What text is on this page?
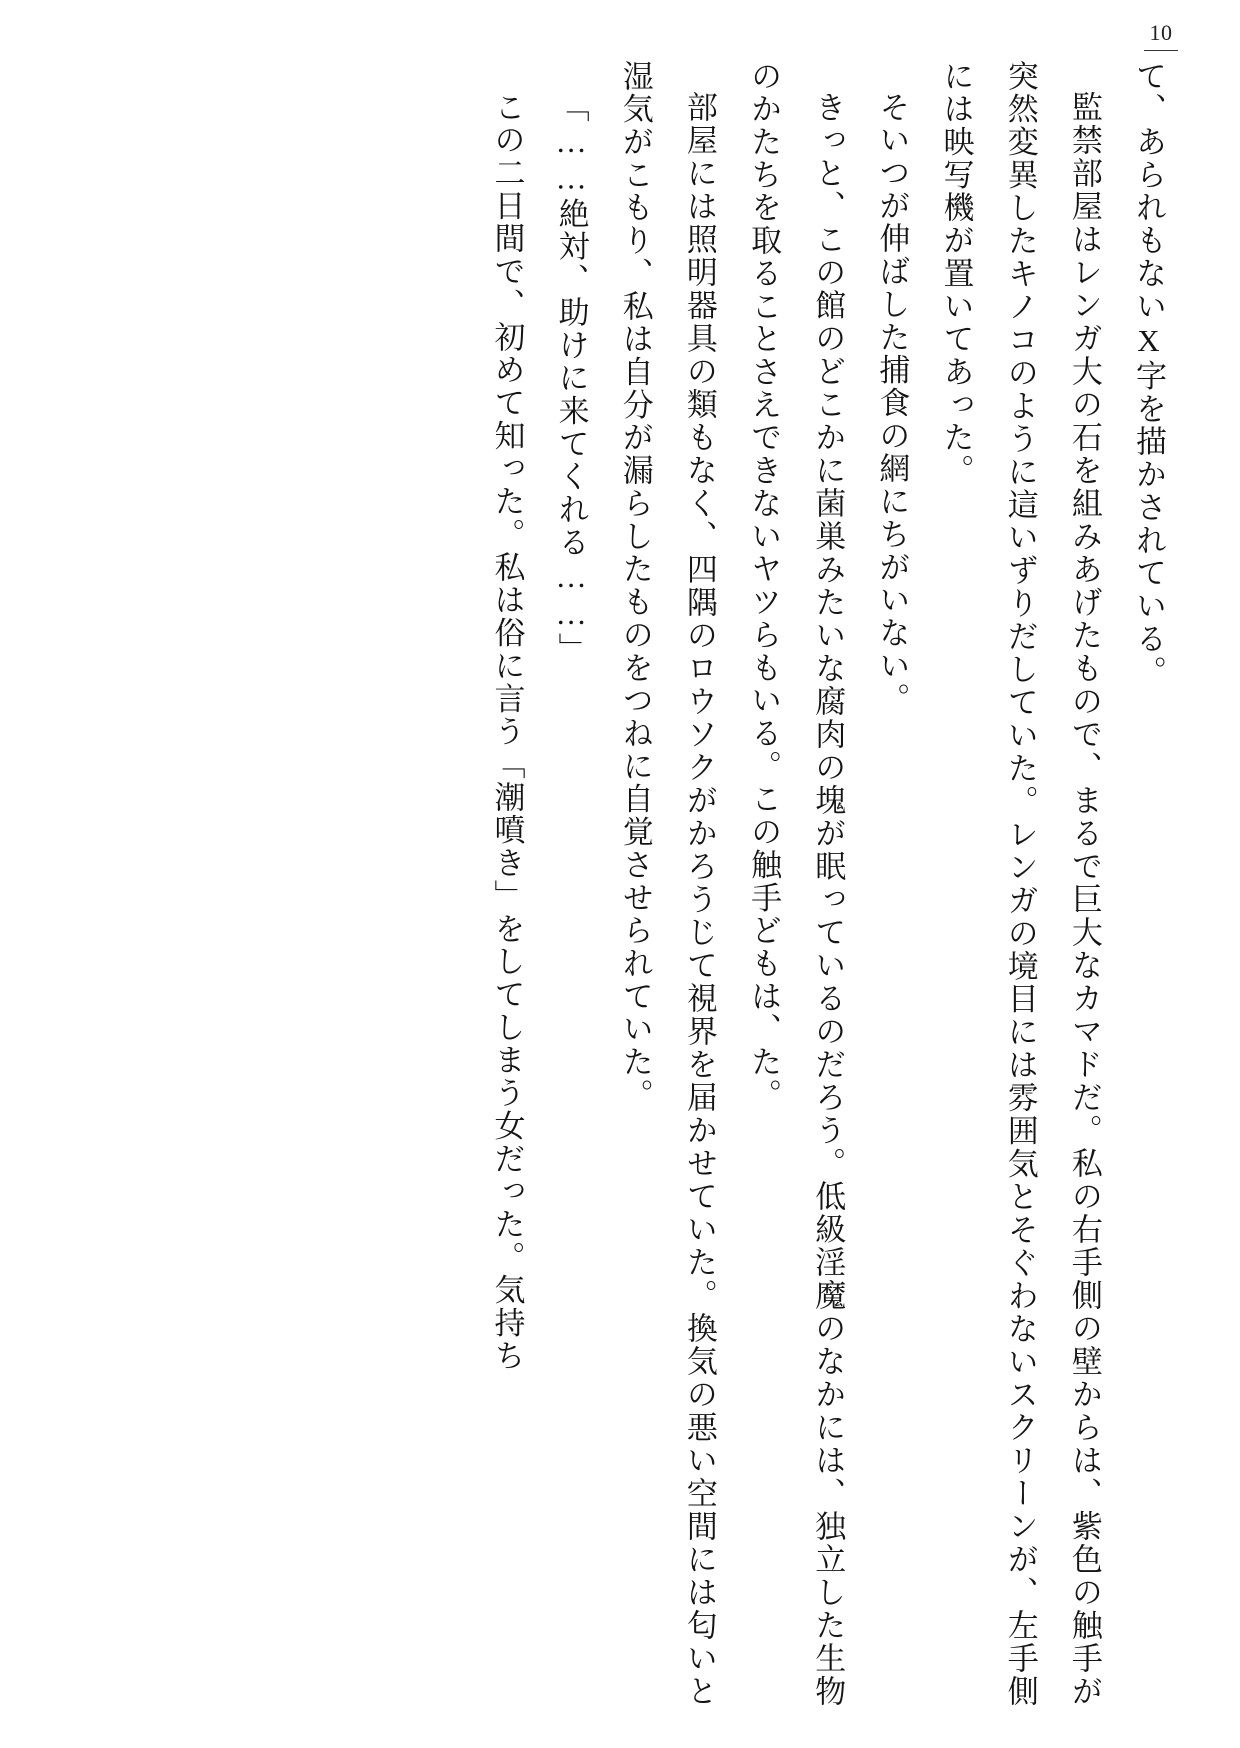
10

て、あられもないX字を描かされている。

監禁部屋はレンガ大の石を組みあげたもので、まるで巨大なカマドだ。私の右手側の壁からは、紫色の触手が突然変異したキノコのように這いずりだしていた。レンガの境目には雰囲気とそぐわないスクリーンが、左手側には映写機が置いてあった。

そいつが伸ばした捕食の網にちがいない。

きっと、この館のどこかに菌巣みたいな腐肉の塊が眠っているのだろう。低級淫魔のなかには、独立した生物のかたちを取ることさえできないヤツらもいる。この触手どもは、た。

部屋には照明器具の類もなく、四隅のロウソクがかろうじて視界を届かせていた。換気の悪い空間には匂いと湿気がこもり、私は自分が漏らしたものをつねに自覚させられていた。

「……絶対、助けに来てくれる……」

この二日間で、初めて知った。私は俗に言う「潮噴き」をしてしまう女だった。気持ち
